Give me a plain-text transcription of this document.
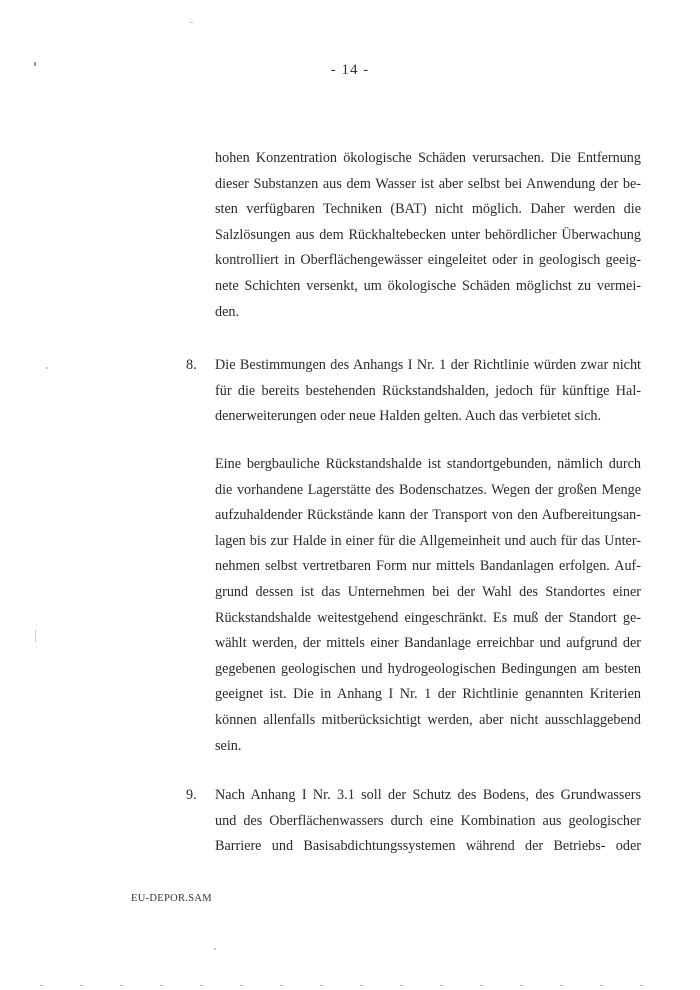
- 14 -
hohen Konzentration ökologische Schäden verursachen. Die Entfernung
dieser Substanzen aus dem Wasser ist aber selbst bei Anwendung der be-
sten verfügbaren Techniken (BAT) nicht möglich. Daher werden die
Salzlösungen aus dem Rückhaltebecken unter behördlicher Überwachung
kontrolliert in Oberflächengewässer eingeleitet oder in geologisch geeig-
nete Schichten versenkt, um ökologische Schäden möglichst zu vermei-
den.
8.	Die Bestimmungen des Anhangs I Nr. 1 der Richtlinie würden zwar nicht
für die bereits bestehenden Rückstandshalden, jedoch für künftige Hal-
denerweiterungen oder neue Halden gelten. Auch das verbietet sich.
Eine bergbauliche Rückstandshalde ist standortgebunden, nämlich durch
die vorhandene Lagerstätte des Bodenschatzes. Wegen der großen Menge
aufzuhaldender Rückstände kann der Transport von den Aufbereitungsan-
lagen bis zur Halde in einer für die Allgemeinheit und auch für das Unter-
nehmen selbst vertretbaren Form nur mittels Bandanlagen erfolgen. Auf-
grund dessen ist das Unternehmen bei der Wahl des Standortes einer
Rückstandshalde weitestgehend eingeschränkt. Es muß der Standort ge-
wählt werden, der mittels einer Bandanlage erreichbar und aufgrund der
gegebenen geologischen und hydrogeologischen Bedingungen am besten
geeignet ist. Die in Anhang I Nr. 1 der Richtlinie genannten Kriterien
können allenfalls mitberücksichtigt werden, aber nicht ausschlaggebend
sein.
9.	Nach Anhang I Nr. 3.1 soll der Schutz des Bodens, des Grundwassers
und des Oberflächenwassers durch eine Kombination aus geologischer
Barriere und Basisabdichtungssystemen während der Betriebs- oder
EU-DEPOR.SAM
